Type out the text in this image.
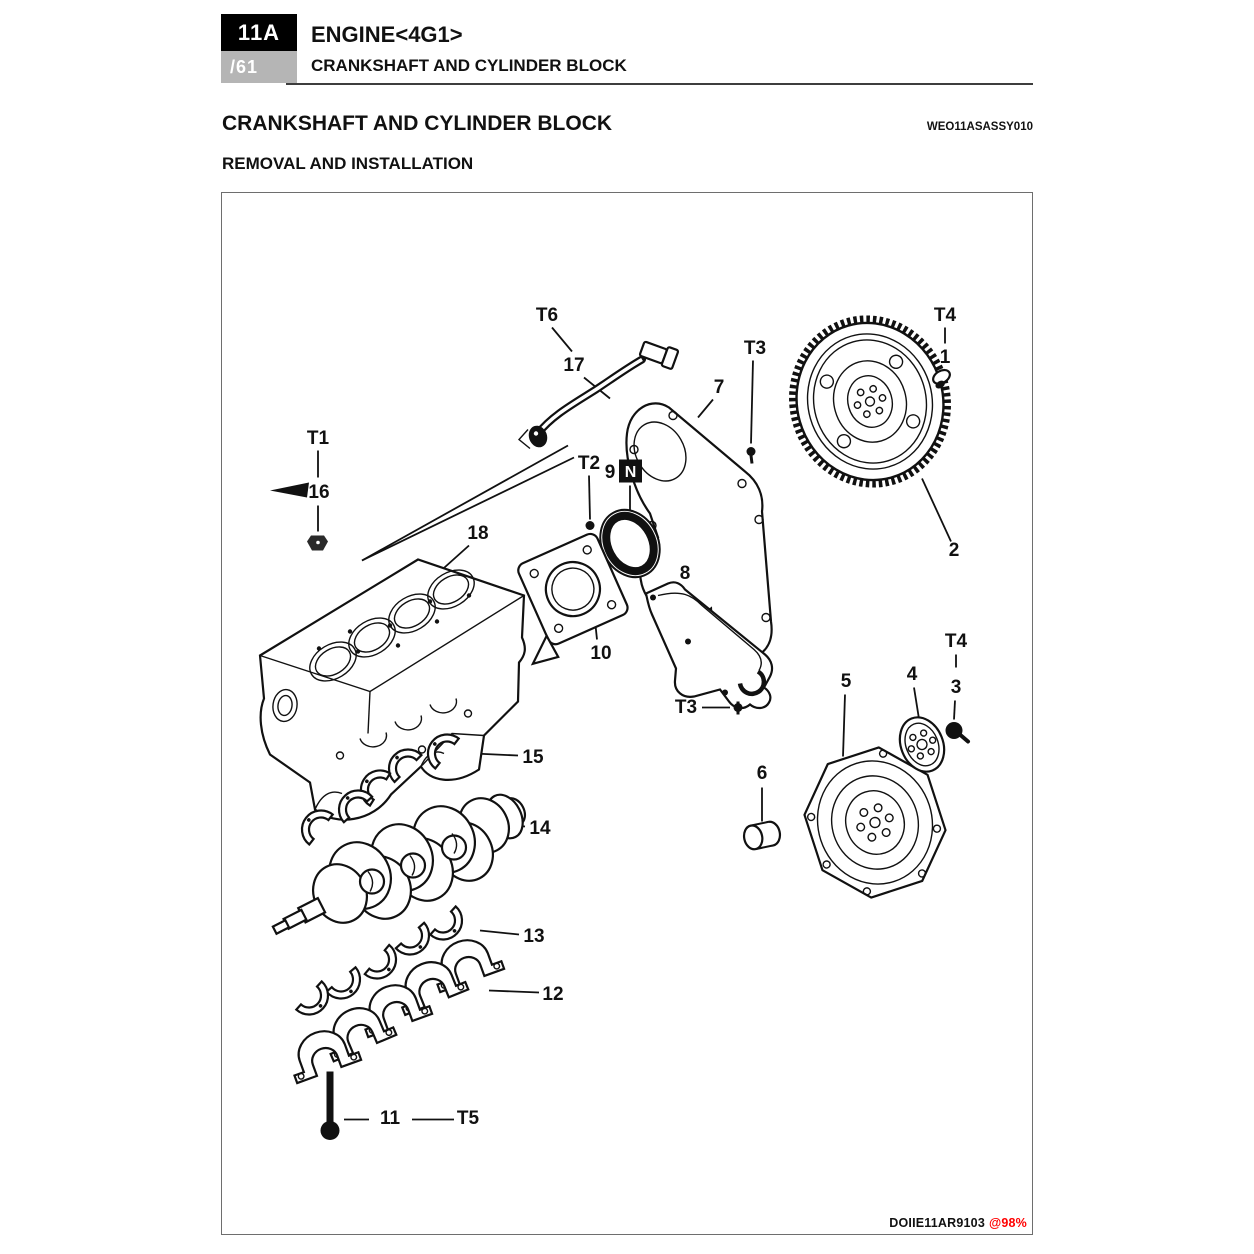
11A
/61
ENGINE<4G1>
CRANKSHAFT AND CYLINDER BLOCK
CRANKSHAFT AND CYLINDER BLOCK	WEO11ASASSY010
REMOVAL AND INSTALLATION
T6
17
T3
7
T4
1
2
T1
16
18
T2 9
10
8
T3
6
5	4
T4
3
15
14
13
12
11	T5
N
DOIIE11AR9103 @98%
